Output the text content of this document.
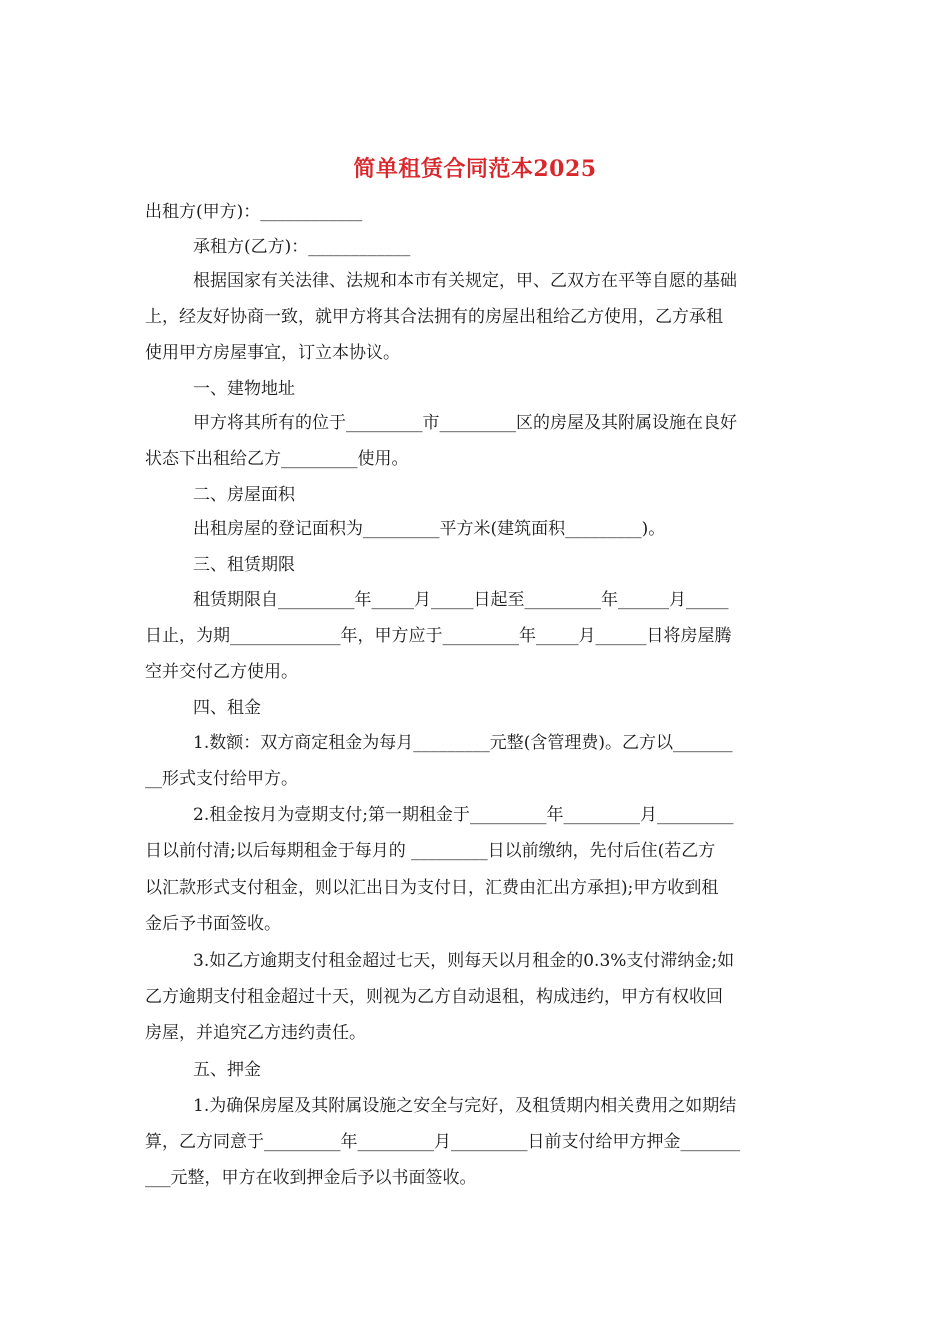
简单租赁合同范本2025
出租方(甲方)：____________
承租方(乙方)：____________
根据国家有关法律、法规和本市有关规定，甲、乙双方在平等自愿的基础
上，经友好协商一致，就甲方将其合法拥有的房屋出租给乙方使用，乙方承租
使用甲方房屋事宜，订立本协议。
一、建物地址
甲方将其所有的位于_________市_________区的房屋及其附属设施在良好
状态下出租给乙方_________使用。
二、房屋面积
出租房屋的登记面积为_________平方米(建筑面积_________)。
三、租赁期限
租赁期限自_________年_____月_____日起至_________年______月_____
日止，为期_____________年，甲方应于_________年_____月______日将房屋腾
空并交付乙方使用。
四、租金
1.数额：双方商定租金为每月_________元整(含管理费)。乙方以_______
__形式支付给甲方。
2.租金按月为壹期支付;第一期租金于_________年_________月_________
日以前付清;以后每期租金于每月的 _________日以前缴纳，先付后住(若乙方
以汇款形式支付租金，则以汇出日为支付日，汇费由汇出方承担);甲方收到租
金后予书面签收。
3.如乙方逾期支付租金超过七天，则每天以月租金的0.3%支付滞纳金;如
乙方逾期支付租金超过十天，则视为乙方自动退租，构成违约，甲方有权收回
房屋，并追究乙方违约责任。
五、押金
1.为确保房屋及其附属设施之安全与完好，及租赁期内相关费用之如期结
算，乙方同意于_________年_________月_________日前支付给甲方押金_______
___元整，甲方在收到押金后予以书面签收。
